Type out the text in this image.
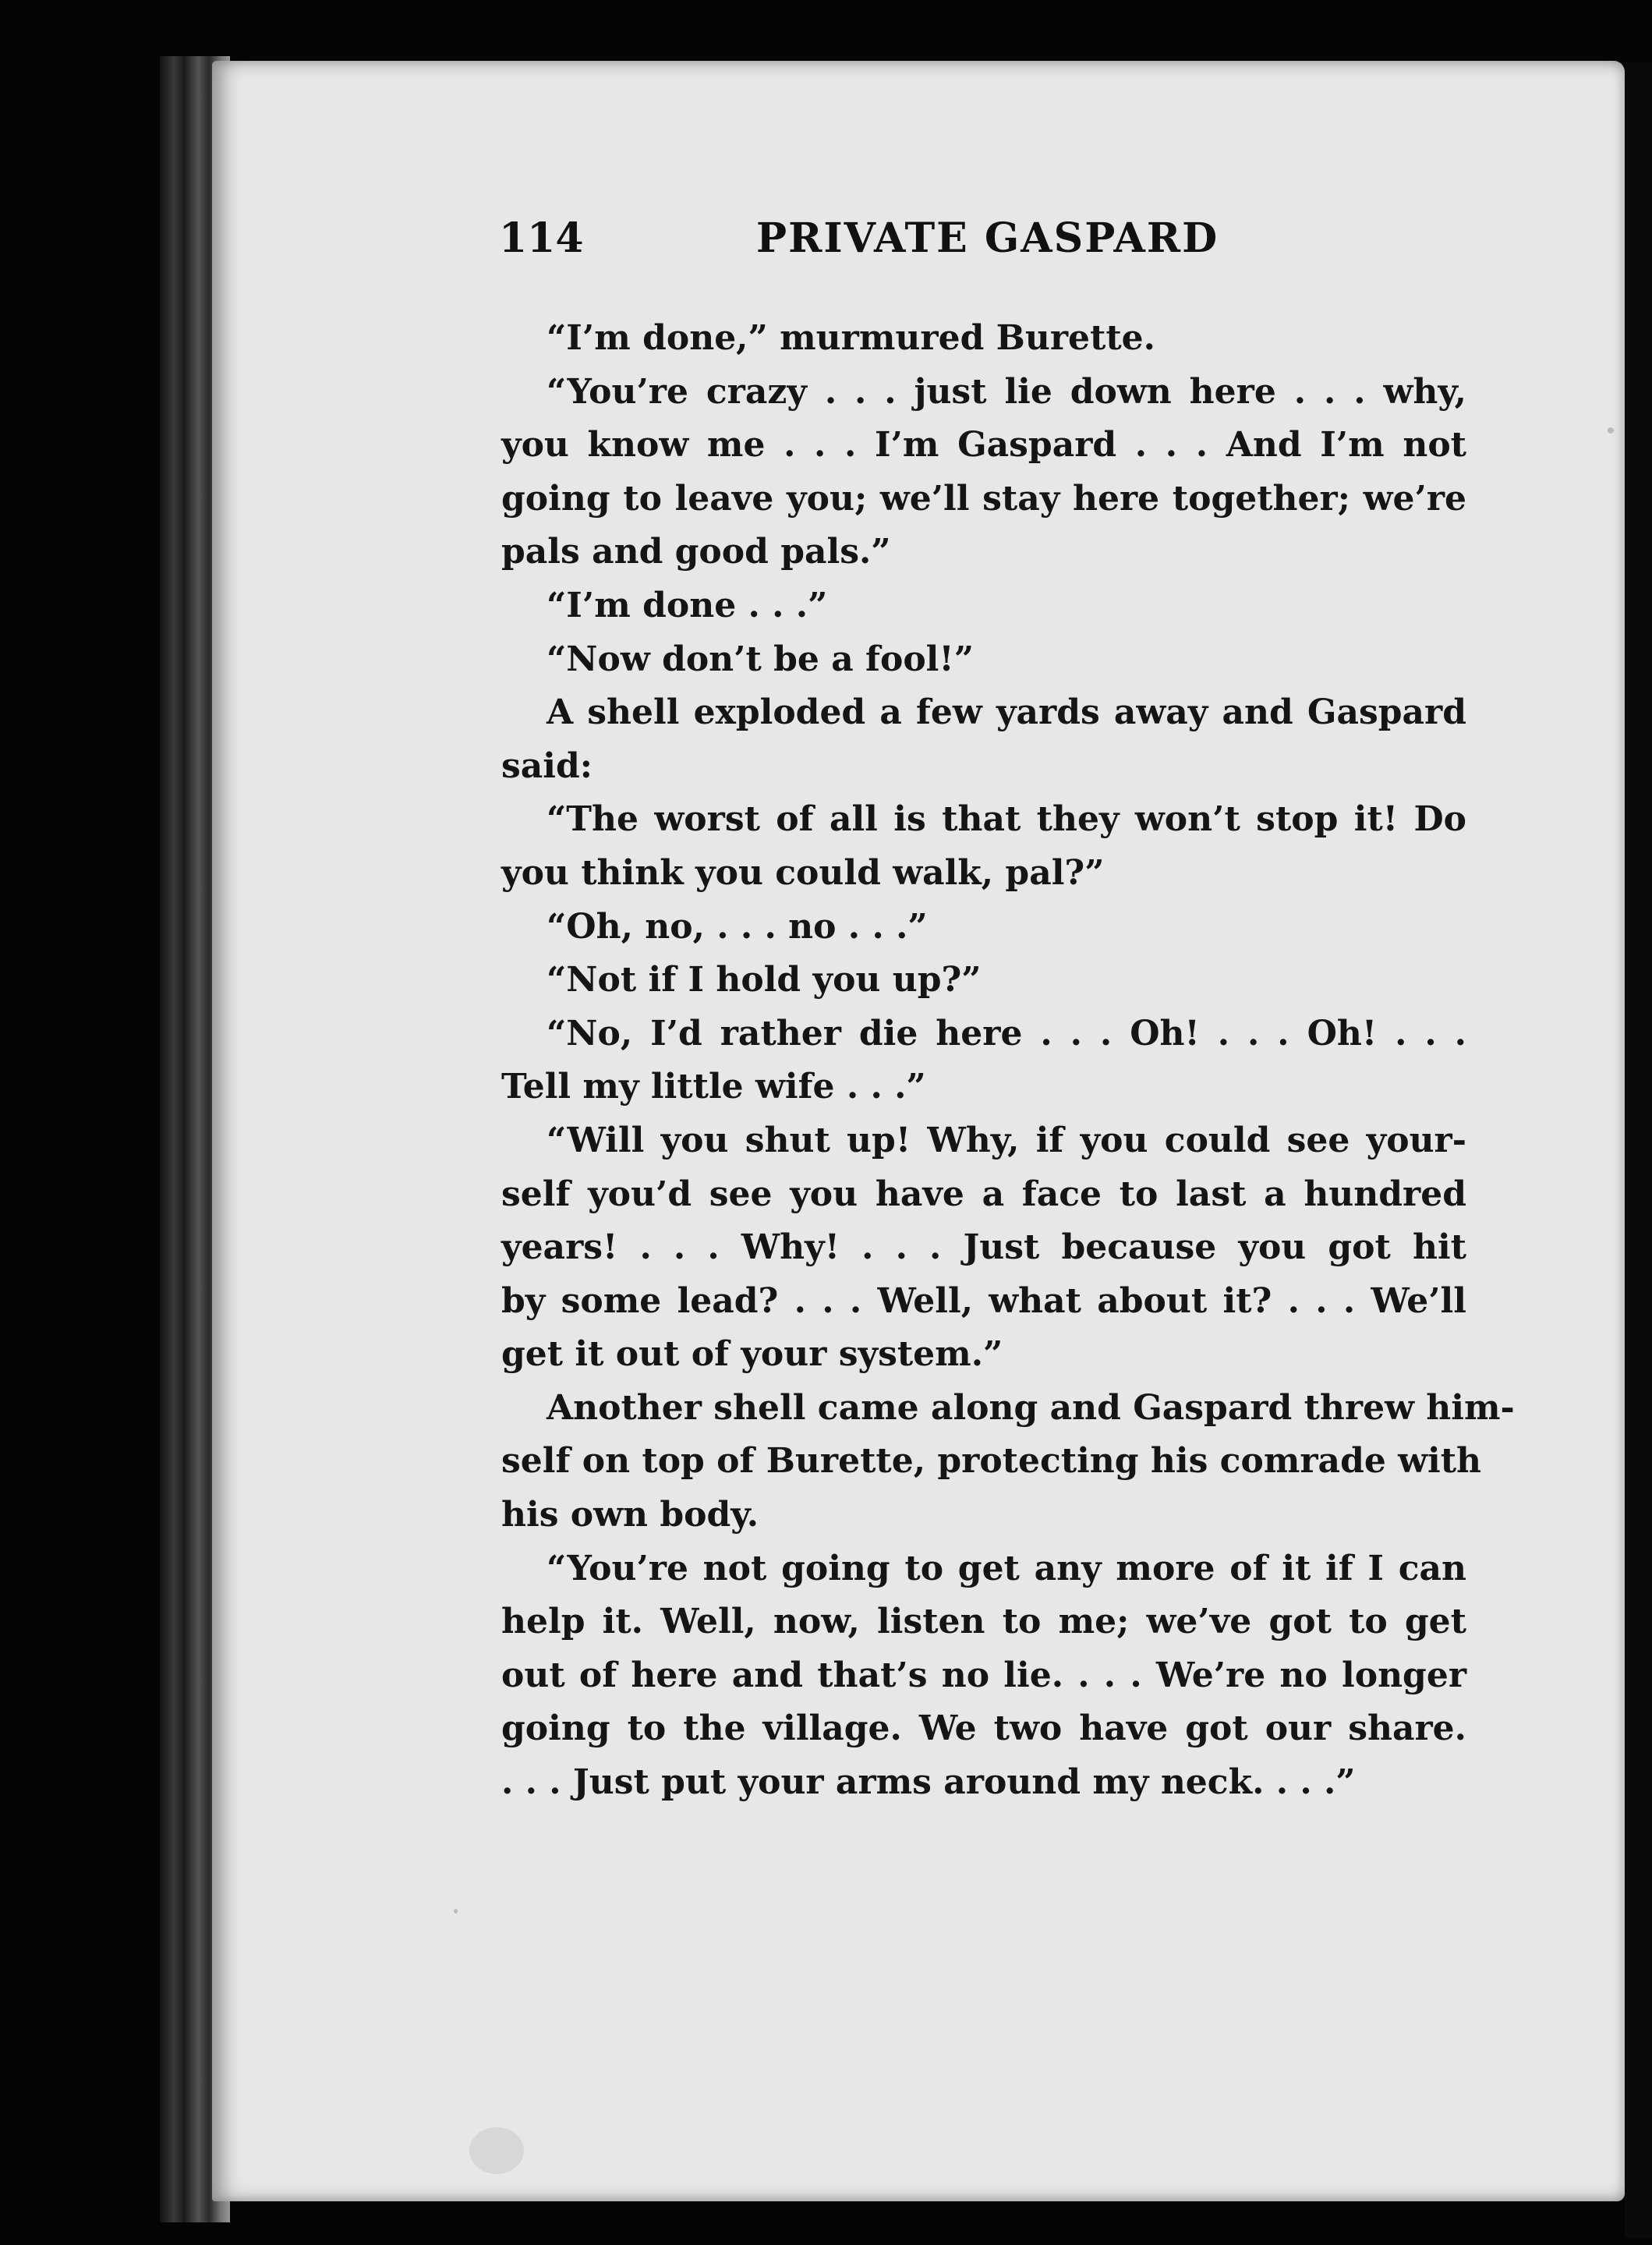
114	PRIVATE GASPARD
“I’m done,” murmured Burette.
“You’re crazy . . . just lie down here . . . why,
you know me . . . I’m Gaspard . . . And I’m not
going to leave you; we’ll stay here together; we’re
pals and good pals.”
“I’m done . . .”
“Now don’t be a fool!”
A shell exploded a few yards away and Gaspard
said:
“The worst of all is that they won’t stop it! Do
you think you could walk, pal?”
“Oh, no, . . . no . . .”
“Not if I hold you up?”
“No, I’d rather die here . . . Oh! . . . Oh! . . .
Tell my little wife . . .”
“Will you shut up! Why, if you could see your-
self you’d see you have a face to last a hundred
years! . . . Why! . . . Just because you got hit
by some lead? . . . Well, what about it? . . . We’ll
get it out of your system.”
Another shell came along and Gaspard threw him-
self on top of Burette, protecting his comrade with
his own body.
“You’re not going to get any more of it if I can
help it. Well, now, listen to me; we’ve got to get
out of here and that’s no lie. . . . We’re no longer
going to the village. We two have got our share.
. . . Just put your arms around my neck. . . .”
